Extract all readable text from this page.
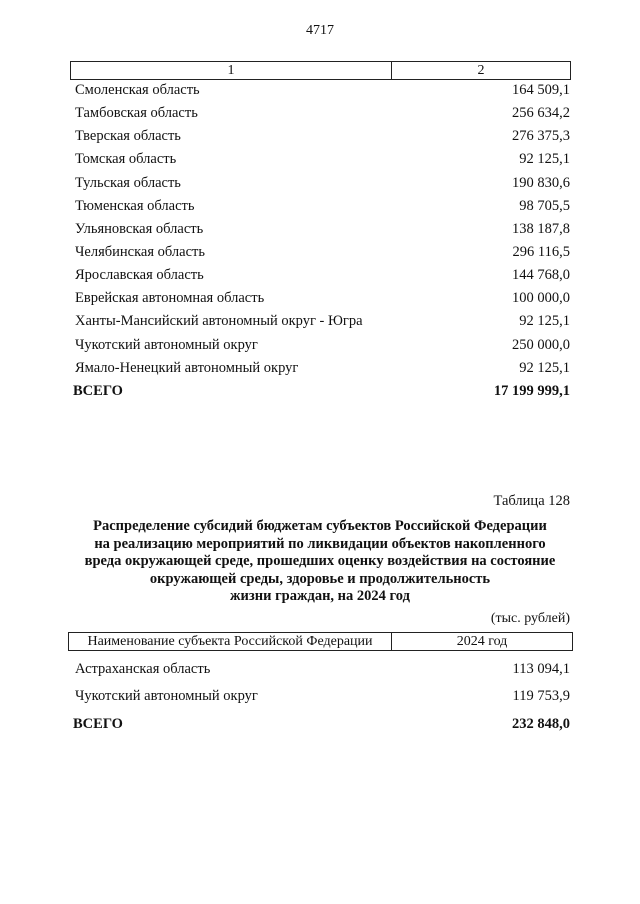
4717
1	2
Смоленская область	164 509,1
Тамбовская область	256 634,2
Тверская область	276 375,3
Томская область	92 125,1
Тульская область	190 830,6
Тюменская область	98 705,5
Ульяновская область	138 187,8
Челябинская область	296 116,5
Ярославская область	144 768,0
Еврейская автономная область	100 000,0
Ханты-Мансийский автономный округ - Югра	92 125,1
Чукотский автономный округ	250 000,0
Ямало-Ненецкий автономный округ	92 125,1
ВСЕГО	17 199 999,1
Таблица 128
Распределение субсидий бюджетам субъектов Российской Федерации
на реализацию мероприятий по ликвидации объектов накопленного
вреда окружающей среде, прошедших оценку воздействия на состояние
окружающей среды, здоровье и продолжительность
жизни граждан, на 2024 год
(тыс. рублей)
Наименование субъекта Российской Федерации	2024 год
Астраханская область	113 094,1
Чукотский автономный округ	119 753,9
ВСЕГО	232 848,0
